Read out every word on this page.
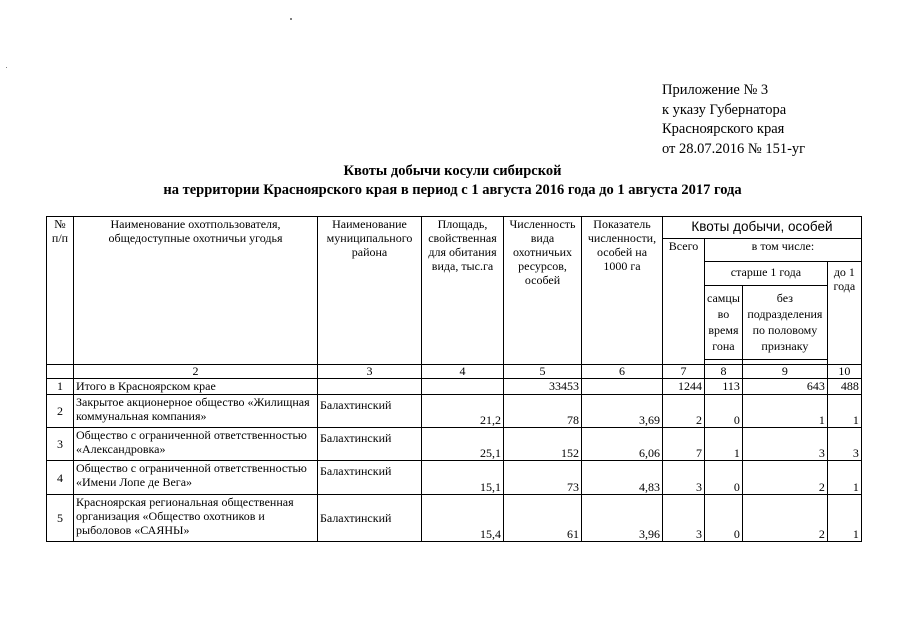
Приложение № 3
к указу Губернатора
Красноярского края
от 28.07.2016 № 151-уг
Квоты добычи косули сибирской
на территории Красноярского края в период с 1 августа 2016 года до 1 августа 2017 года
№ п/п	Наименование охотпользователя, общедоступные охотничьи угодья	Наименование муниципального района	Площадь, свойственная для обитания вида, тыс.га	Численность вида охотничьих ресурсов, особей	Показатель численности, особей на 1000 га	Квоты добычи, особей			
						Всего	в том числе:		
							старше 1 года		до 1 года
							самцы во время гона	без подразделения по половому признаку	

	2	3	4	5	6	7	8	9	10
1	Итого в Красноярском крае			33453		1244	113	643	488
2	Закрытое акционерное общество «Жилищная коммунальная компания»	Балахтинский	21,2	78	3,69	2	0	1	1
3	Общество с ограниченной ответственностью «Александровка»	Балахтинский	25,1	152	6,06	7	1	3	3
4	Общество с ограниченной ответственностью «Имени Лопе де Вега»	Балахтинский	15,1	73	4,83	3	0	2	1
5	Красноярская региональная общественная организация «Общество охотников и рыболовов «САЯНЫ»	Балахтинский	15,4	61	3,96	3	0	2	1
